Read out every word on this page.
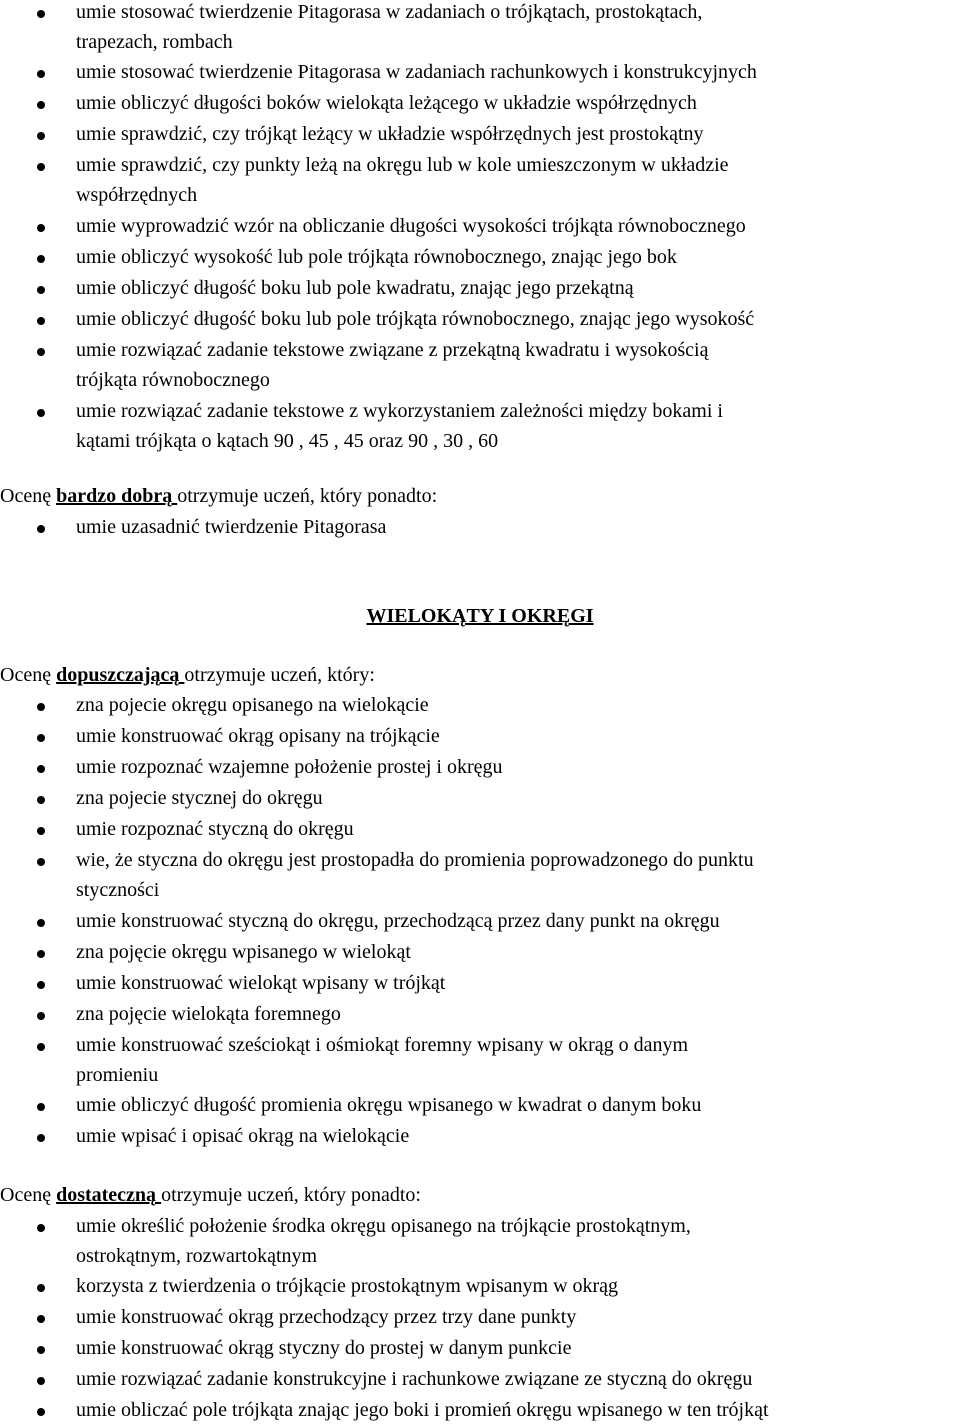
umie stosować twierdzenie Pitagorasa w zadaniach o trójkątach, prostokątach,
trapezach, rombach
umie stosować twierdzenie Pitagorasa w zadaniach rachunkowych i konstrukcyjnych
umie obliczyć długości boków wielokąta leżącego w układzie współrzędnych
umie sprawdzić, czy trójkąt leżący w układzie współrzędnych jest prostokątny
umie sprawdzić, czy punkty leżą na okręgu lub w kole umieszczonym w układzie
współrzędnych
umie wyprowadzić wzór na obliczanie długości wysokości trójkąta równobocznego
umie obliczyć wysokość lub pole trójkąta równobocznego, znając jego bok
umie obliczyć długość boku lub pole kwadratu, znając jego przekątną
umie obliczyć długość boku lub pole trójkąta równobocznego, znając jego wysokość
umie rozwiązać zadanie tekstowe związane z przekątną kwadratu i wysokością
trójkąta równobocznego
umie rozwiązać zadanie tekstowe z wykorzystaniem zależności między bokami i
kątami trójkąta o kątach 90 , 45 , 45 oraz 90 , 30 , 60
Ocenę bardzo dobrą otrzymuje uczeń, który ponadto:
umie uzasadnić twierdzenie Pitagorasa
WIELOKĄTY I OKRĘGI
Ocenę dopuszczającą otrzymuje uczeń, który:
zna pojecie okręgu opisanego na wielokącie
umie konstruować okrąg opisany na trójkącie
umie rozpoznać wzajemne położenie prostej i okręgu
zna pojecie stycznej do okręgu
umie rozpoznać styczną do okręgu
wie, że styczna do okręgu jest prostopadła do promienia poprowadzonego do punktu
styczności
umie konstruować styczną do okręgu, przechodzącą przez dany punkt na okręgu
zna pojęcie okręgu wpisanego w wielokąt
umie konstruować wielokąt wpisany w trójkąt
zna pojęcie wielokąta foremnego
umie konstruować sześciokąt i ośmiokąt foremny wpisany w okrąg o danym
promieniu
umie obliczyć długość promienia okręgu wpisanego w kwadrat o danym boku
umie wpisać i opisać okrąg na wielokącie
Ocenę dostateczną otrzymuje uczeń, który ponadto:
umie określić położenie środka okręgu opisanego na trójkącie prostokątnym,
ostrokątnym, rozwartokątnym
korzysta z twierdzenia o trójkącie prostokątnym wpisanym w okrąg
umie konstruować okrąg przechodzący przez trzy dane punkty
umie konstruować okrąg styczny do prostej w danym punkcie
umie rozwiązać zadanie konstrukcyjne i rachunkowe związane ze styczną do okręgu
umie obliczać pole trójkąta znając jego boki i promień okręgu wpisanego w ten trójkąt
